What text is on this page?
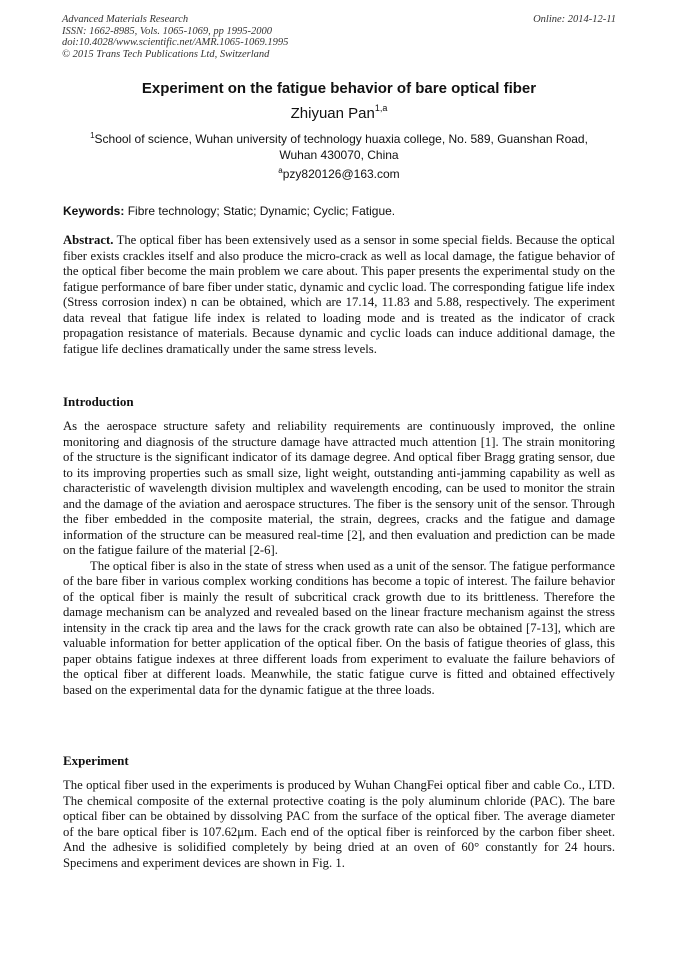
Advanced Materials Research
ISSN: 1662-8985, Vols. 1065-1069, pp 1995-2000
doi:10.4028/www.scientific.net/AMR.1065-1069.1995
© 2015 Trans Tech Publications Ltd, Switzerland
Online: 2014-12-11
Experiment on the fatigue behavior of bare optical fiber
Zhiyuan Pan$^{1,a}$
$^1$School of science, Wuhan university of technology huaxia college, No. 589, Guanshan Road, Wuhan 430070, China
$^a$pzy820126@163.com
Keywords: Fibre technology; Static; Dynamic; Cyclic; Fatigue.

Abstract. The optical fiber has been extensively used as a sensor in some special fields. Because the optical fiber exists crackles itself and also produce the micro-crack as well as local damage, the fatigue behavior of the optical fiber become the main problem we care about. This paper presents the experimental study on the fatigue performance of bare fiber under static, dynamic and cyclic load. The corresponding fatigue life index (Stress corrosion index) n can be obtained, which are 17.14, 11.83 and 5.88, respectively. The experiment data reveal that fatigue life index is related to loading mode and is treated as the indicator of crack propagation resistance of materials. Because dynamic and cyclic loads can induce additional damage, the fatigue life declines dramatically under the same stress levels.

Introduction

As the aerospace structure safety and reliability requirements are continuously improved, the online monitoring and diagnosis of the structure damage have attracted much attention [1]. The strain monitoring of the structure is the significant indicator of its damage degree. And optical fiber Bragg grating sensor, due to its improving properties such as small size, light weight, outstanding anti-jamming capability as well as characteristic of wavelength division multiplex and wavelength encoding, can be used to monitor the strain and the damage of the aviation and aerospace structures. The fiber is the sensory unit of the sensor. Through the fiber embedded in the composite material, the strain, degrees, cracks and the fatigue and damage information of the structure can be measured real-time [2], and then evaluation and prediction can be made on the fatigue failure of the material [2-6].

The optical fiber is also in the state of stress when used as a unit of the sensor. The fatigue performance of the bare fiber in various complex working conditions has become a topic of interest. The failure behavior of the optical fiber is mainly the result of subcritical crack growth due to its brittleness. Therefore the damage mechanism can be analyzed and revealed based on the linear fracture mechanism against the stress intensity in the crack tip area and the laws for the crack growth rate can also be obtained [7-13], which are valuable information for better application of the optical fiber. On the basis of fatigue theories of glass, this paper obtains fatigue indexes at three different loads from experiment to evaluate the failure behaviors of the optical fiber at different loads. Meanwhile, the static fatigue curve is fitted and obtained effectively based on the experimental data for the dynamic fatigue at the three loads.

Experiment

The optical fiber used in the experiments is produced by Wuhan ChangFei optical fiber and cable Co., LTD. The chemical composite of the external protective coating is the poly aluminum chloride (PAC). The bare optical fiber can be obtained by dissolving PAC from the surface of the optical fiber. The average diameter of the bare optical fiber is 107.62μm. Each end of the optical fiber is reinforced by the carbon fiber sheet. And the adhesive is solidified completely by being dried at an oven of 60° constantly for 24 hours. Specimens and experiment devices are shown in Fig. 1.
